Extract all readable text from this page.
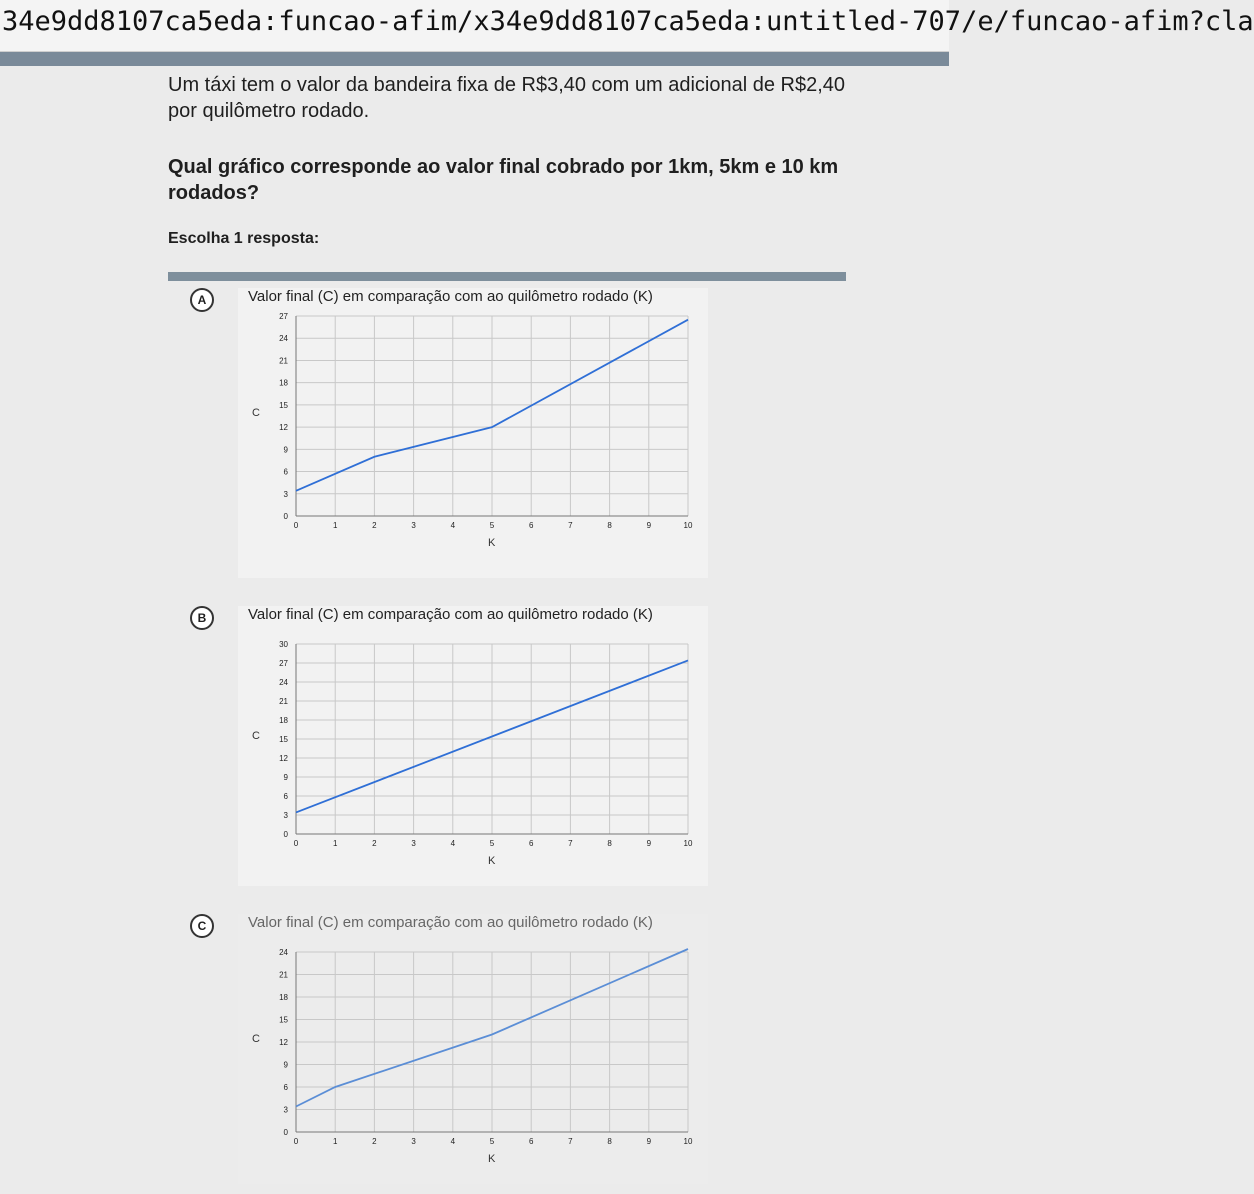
34e9dd8107ca5eda:funcao-afim/x34e9dd8107ca5eda:untitled-707/e/funcao-afim?cla

Um táxi tem o valor da bandeira fixa de R$3,40 com um adicional de R$2,40 por quilômetro rodado.

Qual gráfico corresponde ao valor final cobrado por 1km, 5km e 10 km rodados?

Escolha 1 resposta:
A	Valor final (C) em comparação com ao quilômetro rodado (K)
0	1	2	3	4	5	6	7	8	9	10
0
3
6
9
12
15
18
21
24
27
C
K
B	Valor final (C) em comparação com ao quilômetro rodado (K)
0	1	2	3	4	5	6	7	8	9	10
0
3
6
9
12
15
18
21
24
27
30
C
K
C	Valor final (C) em comparação com ao quilômetro rodado (K)
0	1	2	3	4	5	6	7	8	9	10
0
3
6
9
12
15
18
21
24
C
K
